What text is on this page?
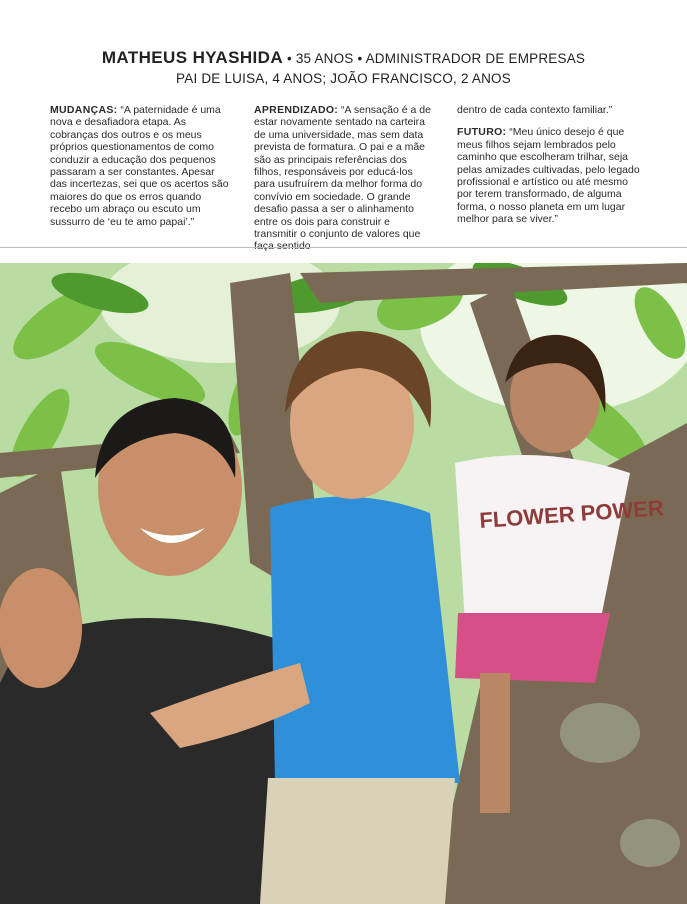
MATHEUS HYASHIDA • 35 ANOS • ADMINISTRADOR DE EMPRESAS
PAI DE LUISA, 4 ANOS; JOÃO FRANCISCO, 2 ANOS
MUDANÇAS: “A paternidade é uma nova e desafiadora etapa. As cobranças dos outros e os meus próprios questionamentos de como conduzir a educação dos pequenos passaram a ser constantes. Apesar das incertezas, sei que os acertos são maiores do que os erros quando recebo um abraço ou escuto um sussurro de ‘eu te amo papai’.”
APRENDIZADO: “A sensação é a de estar novamente sentado na carteira de uma universidade, mas sem data prevista de formatura. O pai e a mãe são as principais referências dos filhos, responsáveis por educá-los para usufruírem da melhor forma do convívio em sociedade. O grande desafio passa a ser o alinhamento entre os dois para construir e transmitir o conjunto de valores que

dentro de cada contexto familiar.”

FUTURO: “Meu único desejo é que meus filhos sejam lembrados pelo caminho que escolheram trilhar, seja pelas amizades cultivadas, pelo legado profissional e artístico ou até mesmo por terem transformado, de alguma forma, o nosso planeta em um lugar melhor para se viver.”

FLOWER POWER
